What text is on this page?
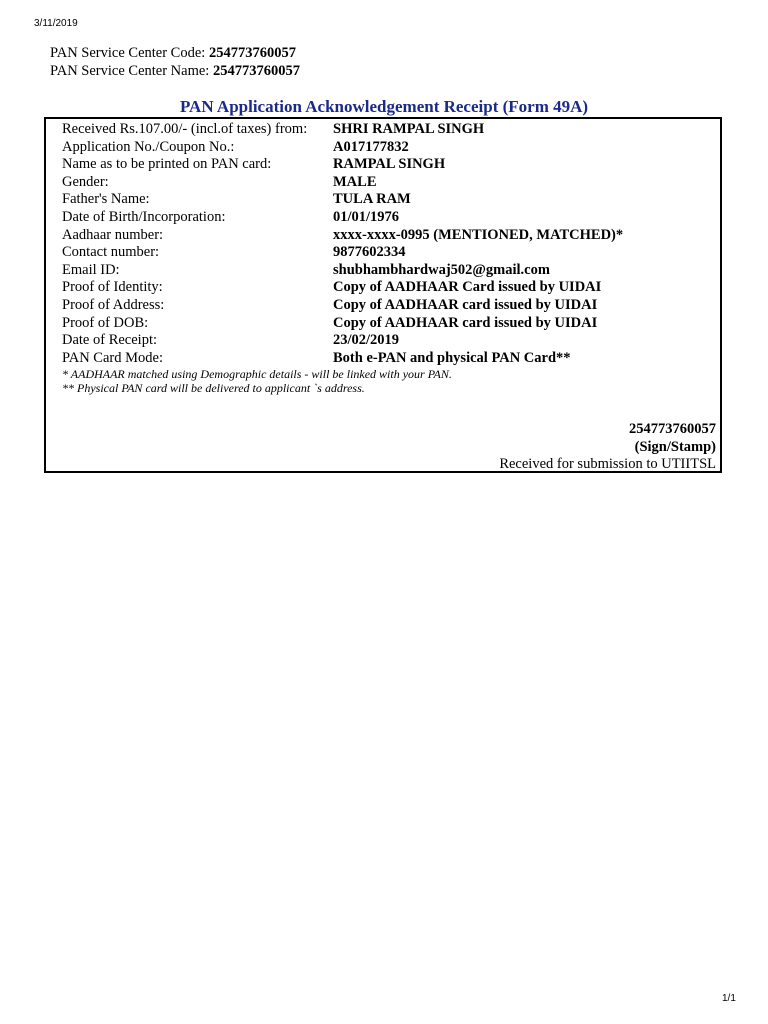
3/11/2019
PAN Service Center Code: 254773760057
PAN Service Center Name: 254773760057
PAN Application Acknowledgement Receipt (Form 49A)
Received Rs.107.00/- (incl.of taxes) from:	SHRI RAMPAL SINGH
Application No./Coupon No.:	A017177832
Name as to be printed on PAN card:	RAMPAL SINGH
Gender:	MALE
Father's Name:	TULA RAM
Date of Birth/Incorporation:	01/01/1976
Aadhaar number:	xxxx-xxxx-0995 (MENTIONED, MATCHED)*
Contact number:	9877602334
Email ID:	shubhambhardwaj502@gmail.com
Proof of Identity:	Copy of AADHAAR Card issued by UIDAI
Proof of Address:	Copy of AADHAAR card issued by UIDAI
Proof of DOB:	Copy of AADHAAR card issued by UIDAI
Date of Receipt:	23/02/2019
PAN Card Mode:	Both e-PAN and physical PAN Card**
* AADHAAR matched using Demographic details - will be linked with your PAN.
** Physical PAN card will be delivered to applicant `s address.
254773760057
(Sign/Stamp)
Received for submission to UTIITSL
1/1
